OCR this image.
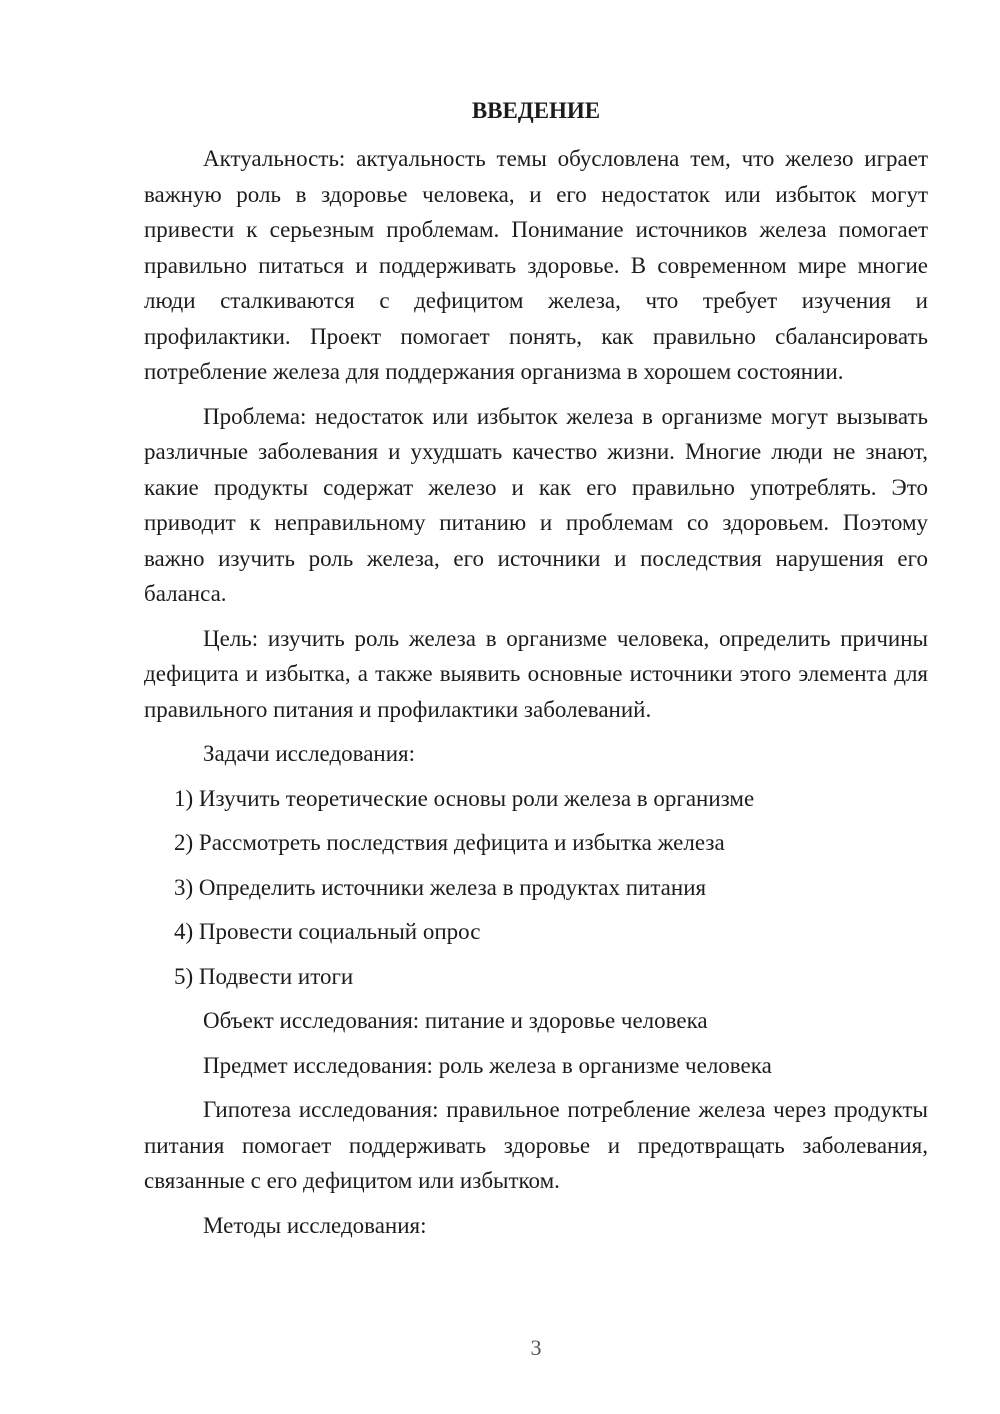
ВВЕДЕНИЕ

Актуальность: актуальность темы обусловлена тем, что железо играет важную роль в здоровье человека, и его недостаток или избыток могут привести к серьезным проблемам. Понимание источников железа помогает правильно питаться и поддерживать здоровье. В современном мире многие люди сталкиваются с дефицитом железа, что требует изучения и профилактики. Проект помогает понять, как правильно сбалансировать потребление железа для поддержания организма в хорошем состоянии.

Проблема: недостаток или избыток железа в организме могут вызывать различные заболевания и ухудшать качество жизни. Многие люди не знают, какие продукты содержат железо и как его правильно употреблять. Это приводит к неправильному питанию и проблемам со здоровьем. Поэтому важно изучить роль железа, его источники и последствия нарушения его баланса.

Цель: изучить роль железа в организме человека, определить причины дефицита и избытка, а также выявить основные источники этого элемента для правильного питания и профилактики заболеваний.

Задачи исследования:

1) Изучить теоретические основы роли железа в организме

2) Рассмотреть последствия дефицита и избытка железа

3) Определить источники железа в продуктах питания

4) Провести социальный опрос

5) Подвести итоги

Объект исследования: питание и здоровье человека

Предмет исследования: роль железа в организме человека

Гипотеза исследования: правильное потребление железа через продукты питания помогает поддерживать здоровье и предотвращать заболевания, связанные с его дефицитом или избытком.

Методы исследования:

3
